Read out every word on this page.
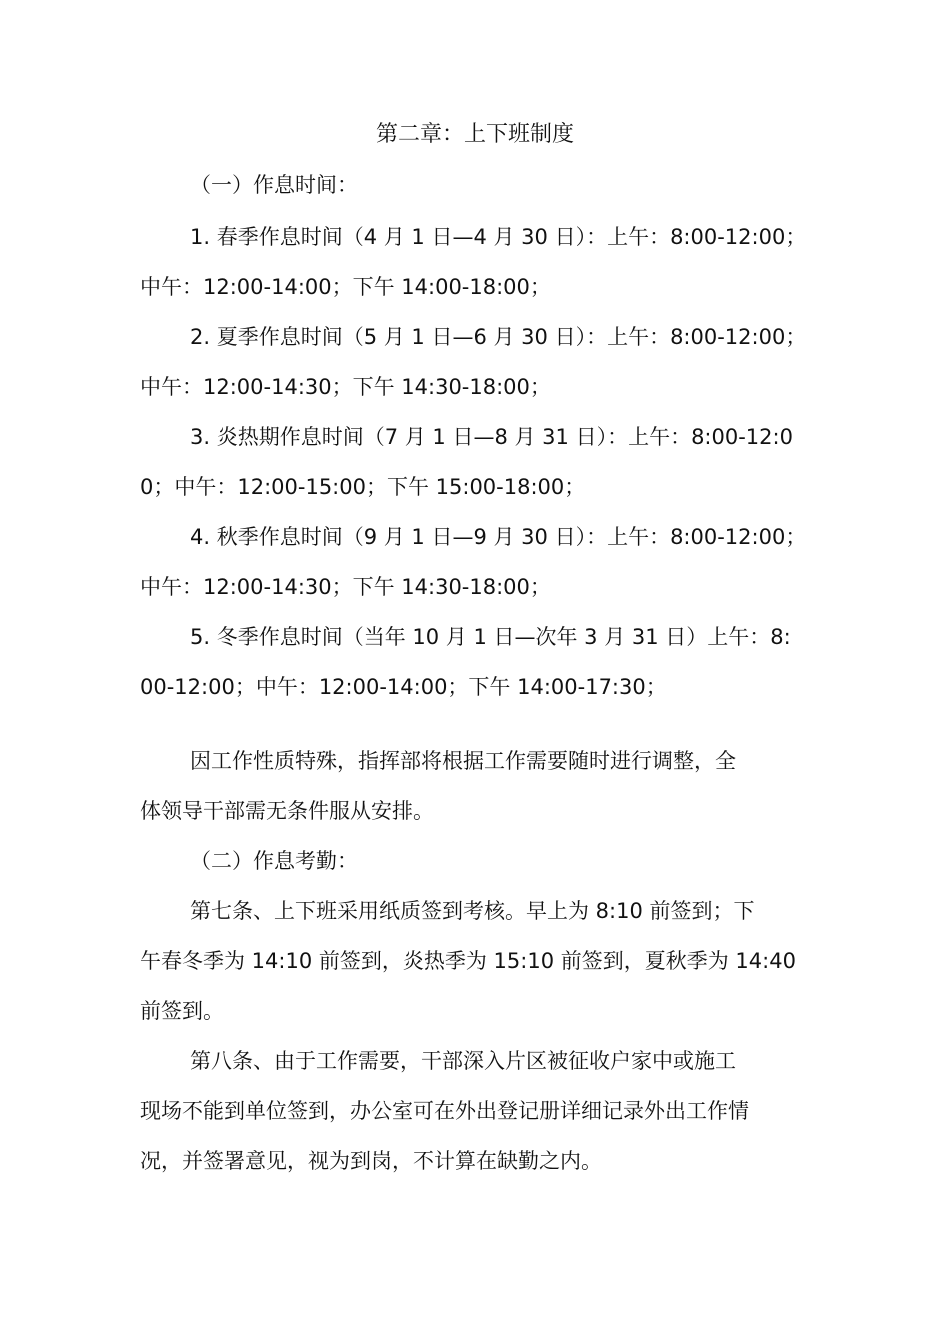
第二章：上下班制度

（一）作息时间：

1. 春季作息时间（4 月 1 日—4 月 30 日）：上午：8:00-12:00；

中午：12:00-14:00；下午 14:00-18:00；

2. 夏季作息时间（5 月 1 日—6 月 30 日）：上午：8:00-12:00；

中午：12:00-14:30；下午 14:30-18:00；

3. 炎热期作息时间（7 月 1 日—8 月 31 日）：上午：8:00-12:0

0；中午：12:00-15:00；下午 15:00-18:00；

4. 秋季作息时间（9 月 1 日—9 月 30 日）：上午：8:00-12:00；

中午：12:00-14:30；下午 14:30-18:00；

5. 冬季作息时间（当年 10 月 1 日—次年 3 月 31 日）上午：8:

00-12:00；中午：12:00-14:00；下午 14:00-17:30；

因工作性质特殊，指挥部将根据工作需要随时进行调整，全

体领导干部需无条件服从安排。

（二）作息考勤：

第七条、上下班采用纸质签到考核。早上为 8:10 前签到；下

午春冬季为 14:10 前签到，炎热季为 15:10 前签到，夏秋季为 14:40

前签到。

第八条、由于工作需要，干部深入片区被征收户家中或施工

现场不能到单位签到，办公室可在外出登记册详细记录外出工作情

况，并签署意见，视为到岗，不计算在缺勤之内。
